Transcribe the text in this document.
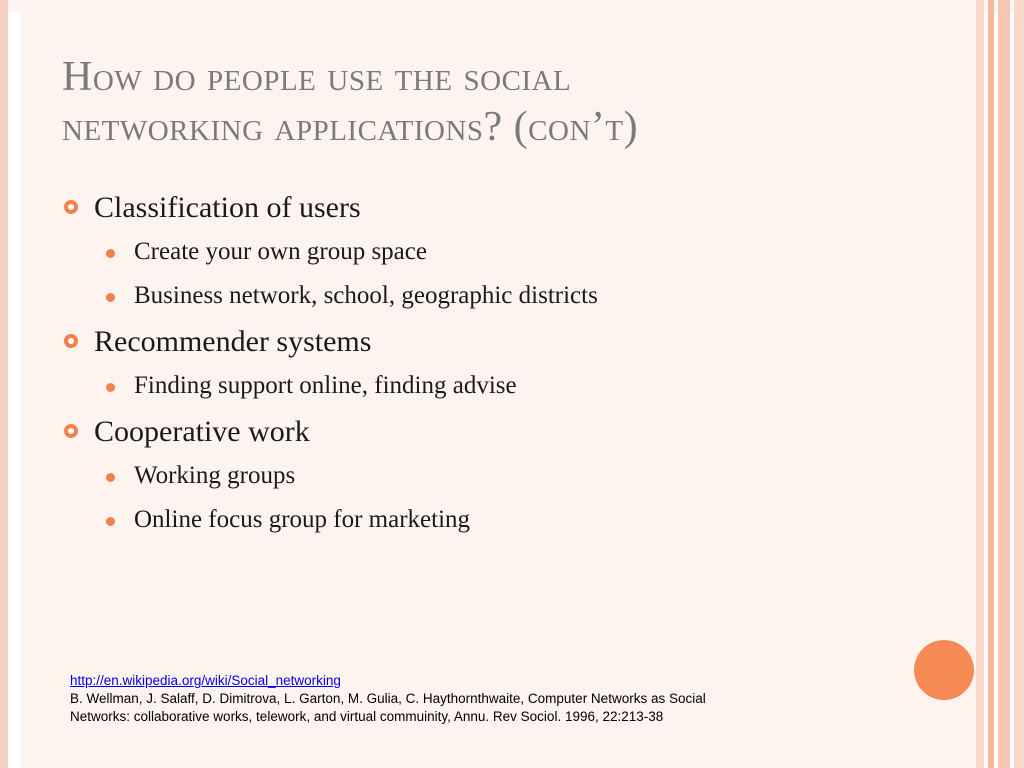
How do people use the social
networking applications? (con’t)
Classification of users
Create your own group space
Business network, school, geographic districts
Recommender systems
Finding support online, finding advise
Cooperative work
Working groups
Online focus group for marketing
http://en.wikipedia.org/wiki/Social_networking
B. Wellman, J. Salaff, D. Dimitrova, L. Garton, M. Gulia, C. Haythornthwaite, Computer Networks as Social
Networks: collaborative works, telework, and virtual commuinity, Annu. Rev Sociol. 1996, 22:213-38
